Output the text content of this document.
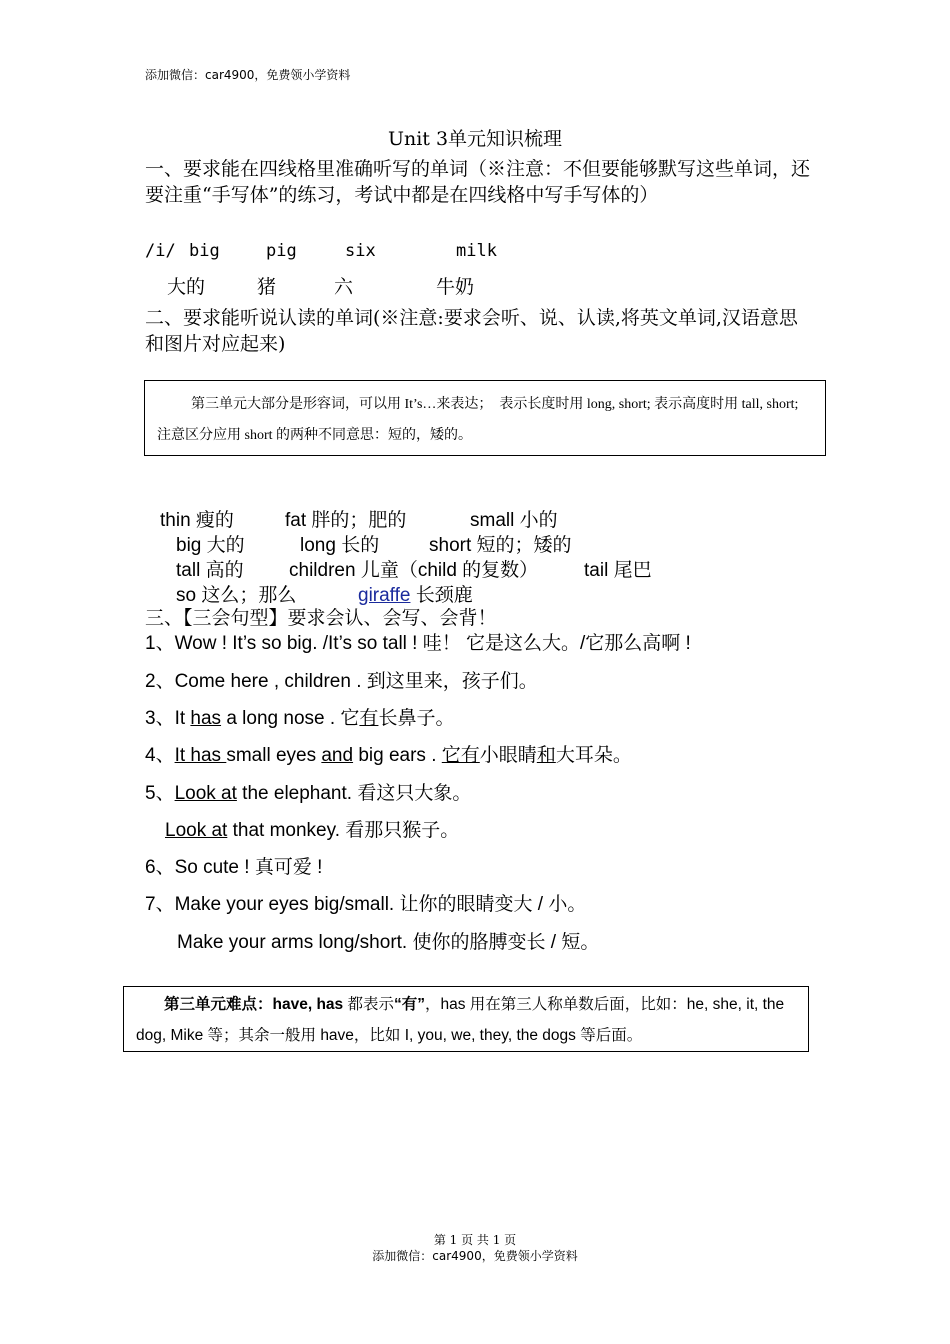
添加微信：car4900，免费领小学资料
Unit 3单元知识梳理
一、要求能在四线格里准确听写的单词（※注意：不但要能够默写这些单词，还要注重“手写体”的练习，考试中都是在四线格中写手写体的）
/i/ big	pig	six	milk
大的	猪	六	牛奶
二、要求能听说认读的单词(※注意:要求会听、说、认读,将英文单词,汉语意思和图片对应起来)
第三单元大部分是形容词，可以用 It’s…来表达；　表示长度时用 long, short; 表示高度时用 tall, short; 注意区分应用 short 的两种不同意思：短的，矮的。
thin 瘦的	fat 胖的；肥的	small 小的
big 大的	long 长的	short 短的；矮的
tall 高的 children 儿童（child 的复数） tail 尾巴
so 这么；那么	giraffe 长颈鹿
三、【三会句型】要求会认、会写、会背！
1、Wow ! It’s so big. /It’s so tall ! 哇！ 它是这么大。/它那么高啊 !
2、Come here , children . 到这里来，孩子们。
3、It has a long nose . 它有长鼻子。
4、It has small eyes and big ears . 它有小眼睛和大耳朵。
5、Look at the elephant. 看这只大象。
Look at that monkey. 看那只猴子。
6、So cute ! 真可爱 !
7、Make your eyes big/small. 让你的眼睛变大 / 小。
Make your arms long/short. 使你的胳膊变长 / 短。
第三单元难点：have, has 都表示“有”，has 用在第三人称单数后面，比如：he, she, it, the dog, Mike 等；其余一般用 have，比如 I, you, we, they, the dogs 等后面。
第 1 页 共 1 页
添加微信：car4900，免费领小学资料
